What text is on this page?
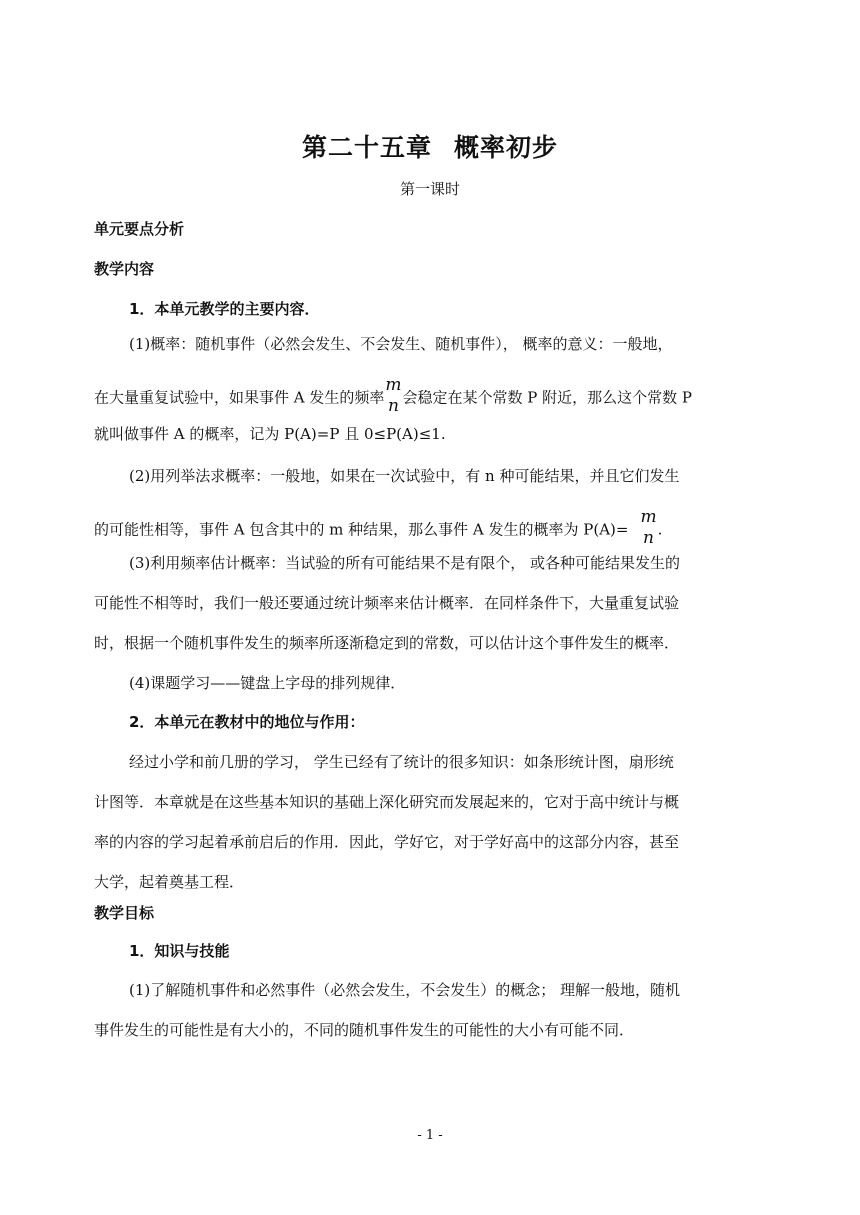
第二十五章 概率初步
第一课时
单元要点分析
教学内容
1．本单元教学的主要内容．
(1)概率：随机事件（必然会发生、不会发生、随机事件）， 概率的意义：一般地，
在大量重复试验中，如果事件 A 发生的频率
m
n 会稳定在某个常数 P 附近，那么这个常数 P
就叫做事件 A 的概率，记为 P(A)=P 且 0≤P(A)≤1.
(2)用列举法求概率：一般地，如果在一次试验中，有 n 种可能结果，并且它们发生
的可能性相等，事件 A 包含其中的 m 种结果，那么事件 A 发生的概率为 P(A)=
m
n .
(3)利用频率估计概率：当试验的所有可能结果不是有限个， 或各种可能结果发生的
可能性不相等时，我们一般还要通过统计频率来估计概率．在同样条件下，大量重复试验
时，根据一个随机事件发生的频率所逐渐稳定到的常数，可以估计这个事件发生的概率．
(4)课题学习——键盘上字母的排列规律．
2．本单元在教材中的地位与作用：
经过小学和前几册的学习， 学生已经有了统计的很多知识：如条形统计图，扇形统
计图等．本章就是在这些基本知识的基础上深化研究而发展起来的，它对于高中统计与概
率的内容的学习起着承前启后的作用．因此，学好它，对于学好高中的这部分内容，甚至
大学，起着奠基工程．
教学目标
1．知识与技能
(1)了解随机事件和必然事件（必然会发生，不会发生）的概念； 理解一般地，随机
事件发生的可能性是有大小的，不同的随机事件发生的可能性的大小有可能不同．
- 1 -
